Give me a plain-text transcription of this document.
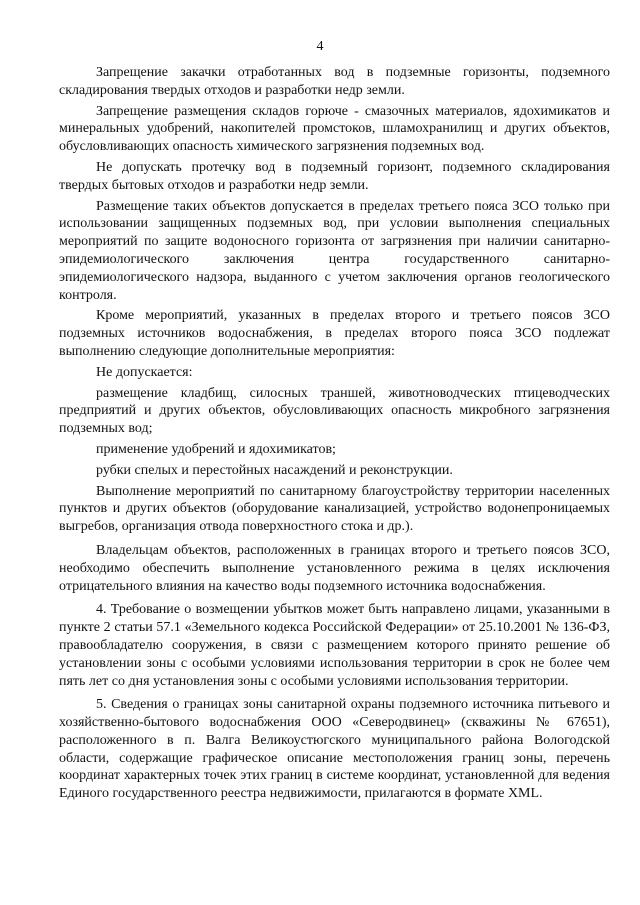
4

Запрещение закачки отработанных вод в подземные горизонты, подземного складирования твердых отходов и разработки недр земли.

Запрещение размещения складов горюче - смазочных материалов, ядохимикатов и минеральных удобрений, накопителей промстоков, шламохранилищ и других объектов, обусловливающих опасность химического загрязнения подземных вод.

Не допускать протечку вод в подземный горизонт, подземного складирования твердых бытовых отходов и разработки недр земли.

Размещение таких объектов допускается в пределах третьего пояса ЗСО только при использовании защищенных подземных вод, при условии выполнения специальных мероприятий по защите водоносного горизонта от загрязнения при наличии санитарно-эпидемиологического заключения центра государственного санитарно-эпидемиологического надзора, выданного с учетом заключения органов геологического контроля.

Кроме мероприятий, указанных в пределах второго и третьего поясов ЗСО подземных источников водоснабжения, в пределах второго пояса ЗСО подлежат выполнению следующие дополнительные мероприятия:

Не допускается:

размещение кладбищ, силосных траншей, животноводческих птицеводческих предприятий и других объектов, обусловливающих опасность микробного загрязнения подземных вод;

применение удобрений и ядохимикатов;

рубки спелых и перестойных насаждений и реконструкции.

Выполнение мероприятий по санитарному благоустройству территории населенных пунктов и других объектов (оборудование канализацией, устройство водонепроницаемых выгребов, организация отвода поверхностного стока и др.).

Владельцам объектов, расположенных в границах второго и третьего поясов ЗСО, необходимо обеспечить выполнение установленного режима в целях исключения отрицательного влияния на качество воды подземного источника водоснабжения.

4. Требование о возмещении убытков может быть направлено лицами, указанными в пункте 2 статьи 57.1 «Земельного кодекса Российской Федерации» от 25.10.2001 № 136-ФЗ, правообладателю сооружения, в связи с размещением которого принято решение об установлении зоны с особыми условиями использования территории в срок не более чем пять лет со дня установления зоны с особыми условиями использования территории.

5. Сведения о границах зоны санитарной охраны подземного источника питьевого и хозяйственно-бытового водоснабжения ООО «Северодвинец» (скважины № 67651), расположенного в п. Валга Великоустюгского муниципального района Вологодской области, содержащие графическое описание местоположения границ зоны, перечень координат характерных точек этих границ в системе координат, установленной для ведения Единого государственного реестра недвижимости, прилагаются в формате XML.
